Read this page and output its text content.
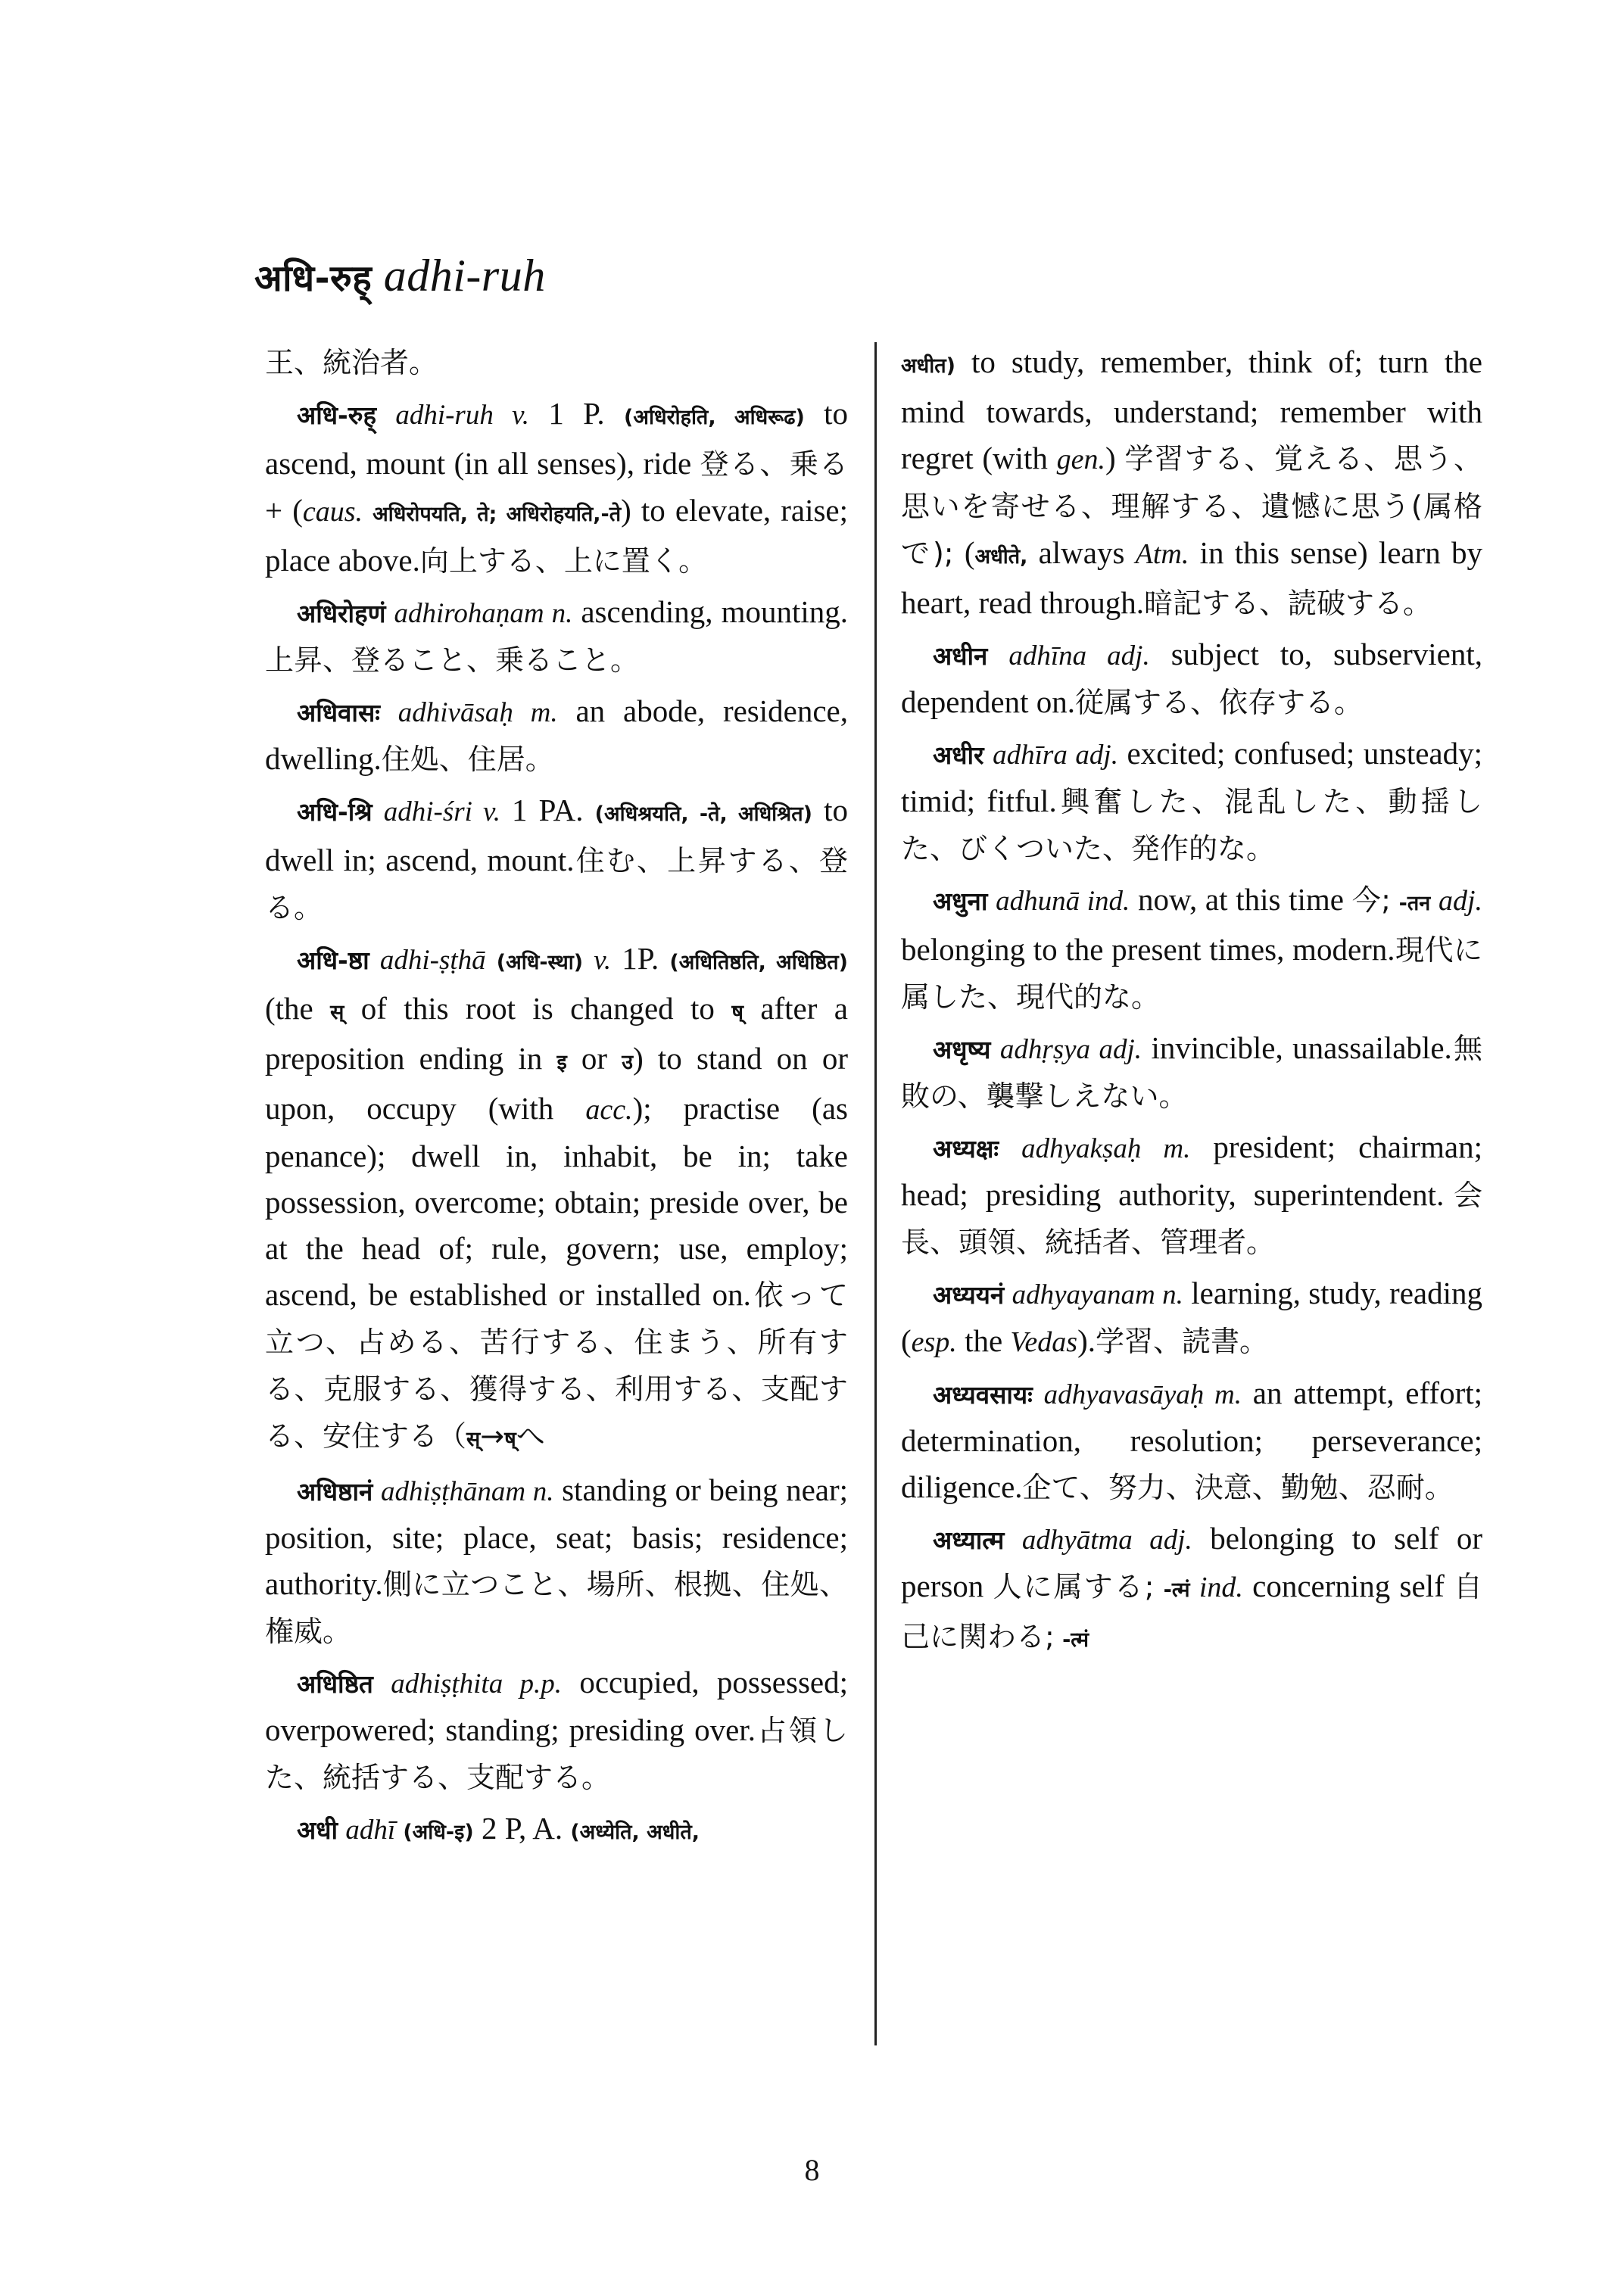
अधि-रुह् adhi-ruh

王、統治者。

अधि-रुह् adhi-ruh v. 1 P. (अधिरोहति, अधिरूढ) to ascend, mount (in all senses), ride 登る、乗る + (caus. अधिरोपयति, ते; अधिरोहयति,-ते) to elevate, raise; place above.向上する、上に置く。

अधिरोहणं adhirohaṇam n. ascending, mounting. 上昇、登ること、乗ること。

अधिवासः adhivāsaḥ m. an abode, residence, dwelling.住処、住居。

अधि-श्रि adhi-śri v. 1 PA. (अधिश्रयति, -ते, अधिश्रित) to dwell in; ascend, mount.住む、上昇する、登る。

अधि-ष्ठा adhi-ṣṭhā (अधि-स्था) v. 1P. (अधितिष्ठति, अधिष्ठित) (the स् of this root is changed to ष् after a preposition ending in इ or उ) to stand on or upon, occupy (with acc.); practise (as penance); dwell in, inhabit, be in; take possession, overcome; obtain; preside over, be at the head of; rule, govern; use, employ; ascend, be established or installed on.依って立つ、占める、苦行する、住まう、所有する、克服する、獲得する、利用する、支配する、安住する（स्→ष्へ

अधिष्ठानं adhiṣṭhānam n. standing or being near; position, site; place, seat; basis; residence; authority.側に立つこと、場所、根拠、住処、権威。

अधिष्ठित adhiṣṭhita p.p. occupied, possessed; overpowered; standing; presiding over.占領した、統括する、支配する。

अधी adhī (अधि-इ) 2 P, A. (अध्येति, अधीते,

अधीत) to study, remember, think of; turn the mind towards, understand; remember with regret (with gen.) 学習する、覚える、思う、思いを寄せる、理解する、遺憾に思う(属格で); (अधीते, always Atm. in this sense) learn by heart, read through.暗記する、読破する。

अधीन adhīna adj. subject to, subservient, dependent on.従属する、依存する。

अधीर adhīra adj. excited; confused; unsteady; timid; fitful.興奮した、混乱した、動揺した、びくついた、発作的な。

अधुना adhunā ind. now, at this time 今; -तन adj. belonging to the present times, modern.現代に属した、現代的な。

अधृष्य adhṛṣya adj. invincible, unassailable.無敗の、襲撃しえない。

अध्यक्षः adhyakṣaḥ m. president; chairman; head; presiding authority, superintendent.会長、頭領、統括者、管理者。

अध्ययनं adhyayanam n. learning, study, reading (esp. the Vedas).学習、読書。

अध्यवसायः adhyavasāyaḥ m. an attempt, effort; determination, resolution; perseverance; diligence.企て、努力、決意、勤勉、忍耐。

अध्यात्म adhyātma adj. belonging to self or person 人に属する; -त्मं ind. concerning self 自己に関わる; -त्मं

8
